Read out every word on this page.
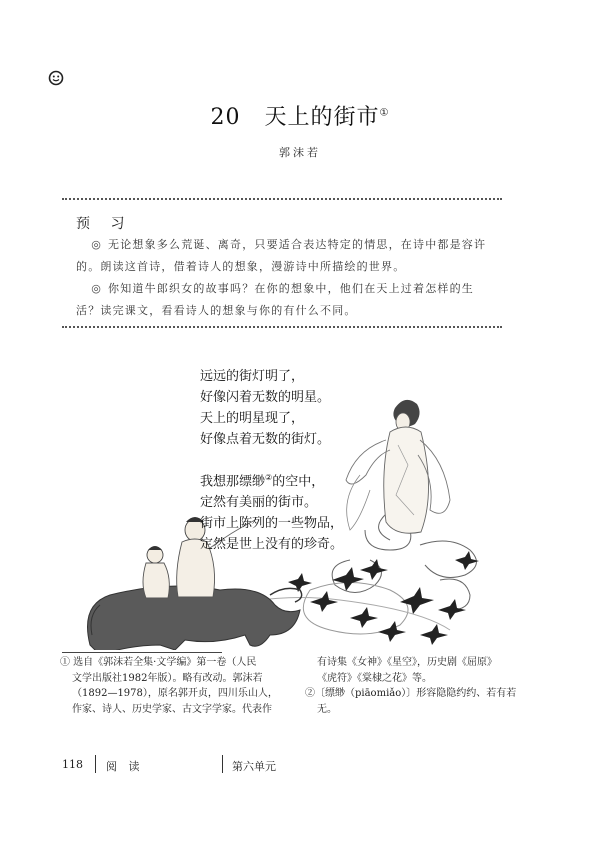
20 天上的街市①
郭沫若
预 习
◎ 无论想象多么荒诞、离奇，只要适合表达特定的情思，在诗中都是容许的。朗读这首诗，借着诗人的想象，漫游诗中所描绘的世界。
◎ 你知道牛郎织女的故事吗？在你的想象中，他们在天上过着怎样的生活？读完课文，看看诗人的想象与你的有什么不同。
远远的街灯明了，
好像闪着无数的明星。
天上的明星现了，
好像点着无数的街灯。
我想那缥缈②的空中，
定然有美丽的街市。
街市上陈列的一些物品，
定然是世上没有的珍奇。
① 选自《郭沫若全集·文学编》第一卷（人民
文学出版社1982年版）。略有改动。郭沫若
（1892—1978），原名郭开贞，四川乐山人，
作家、诗人、历史学家、古文字学家。代表作
有诗集《女神》《星空》，历史剧《屈原》
《虎符》《棠棣之花》等。
②〔缥缈（piāomiǎo）〕形容隐隐约约、若有若
无。
118 阅 读	第六单元
